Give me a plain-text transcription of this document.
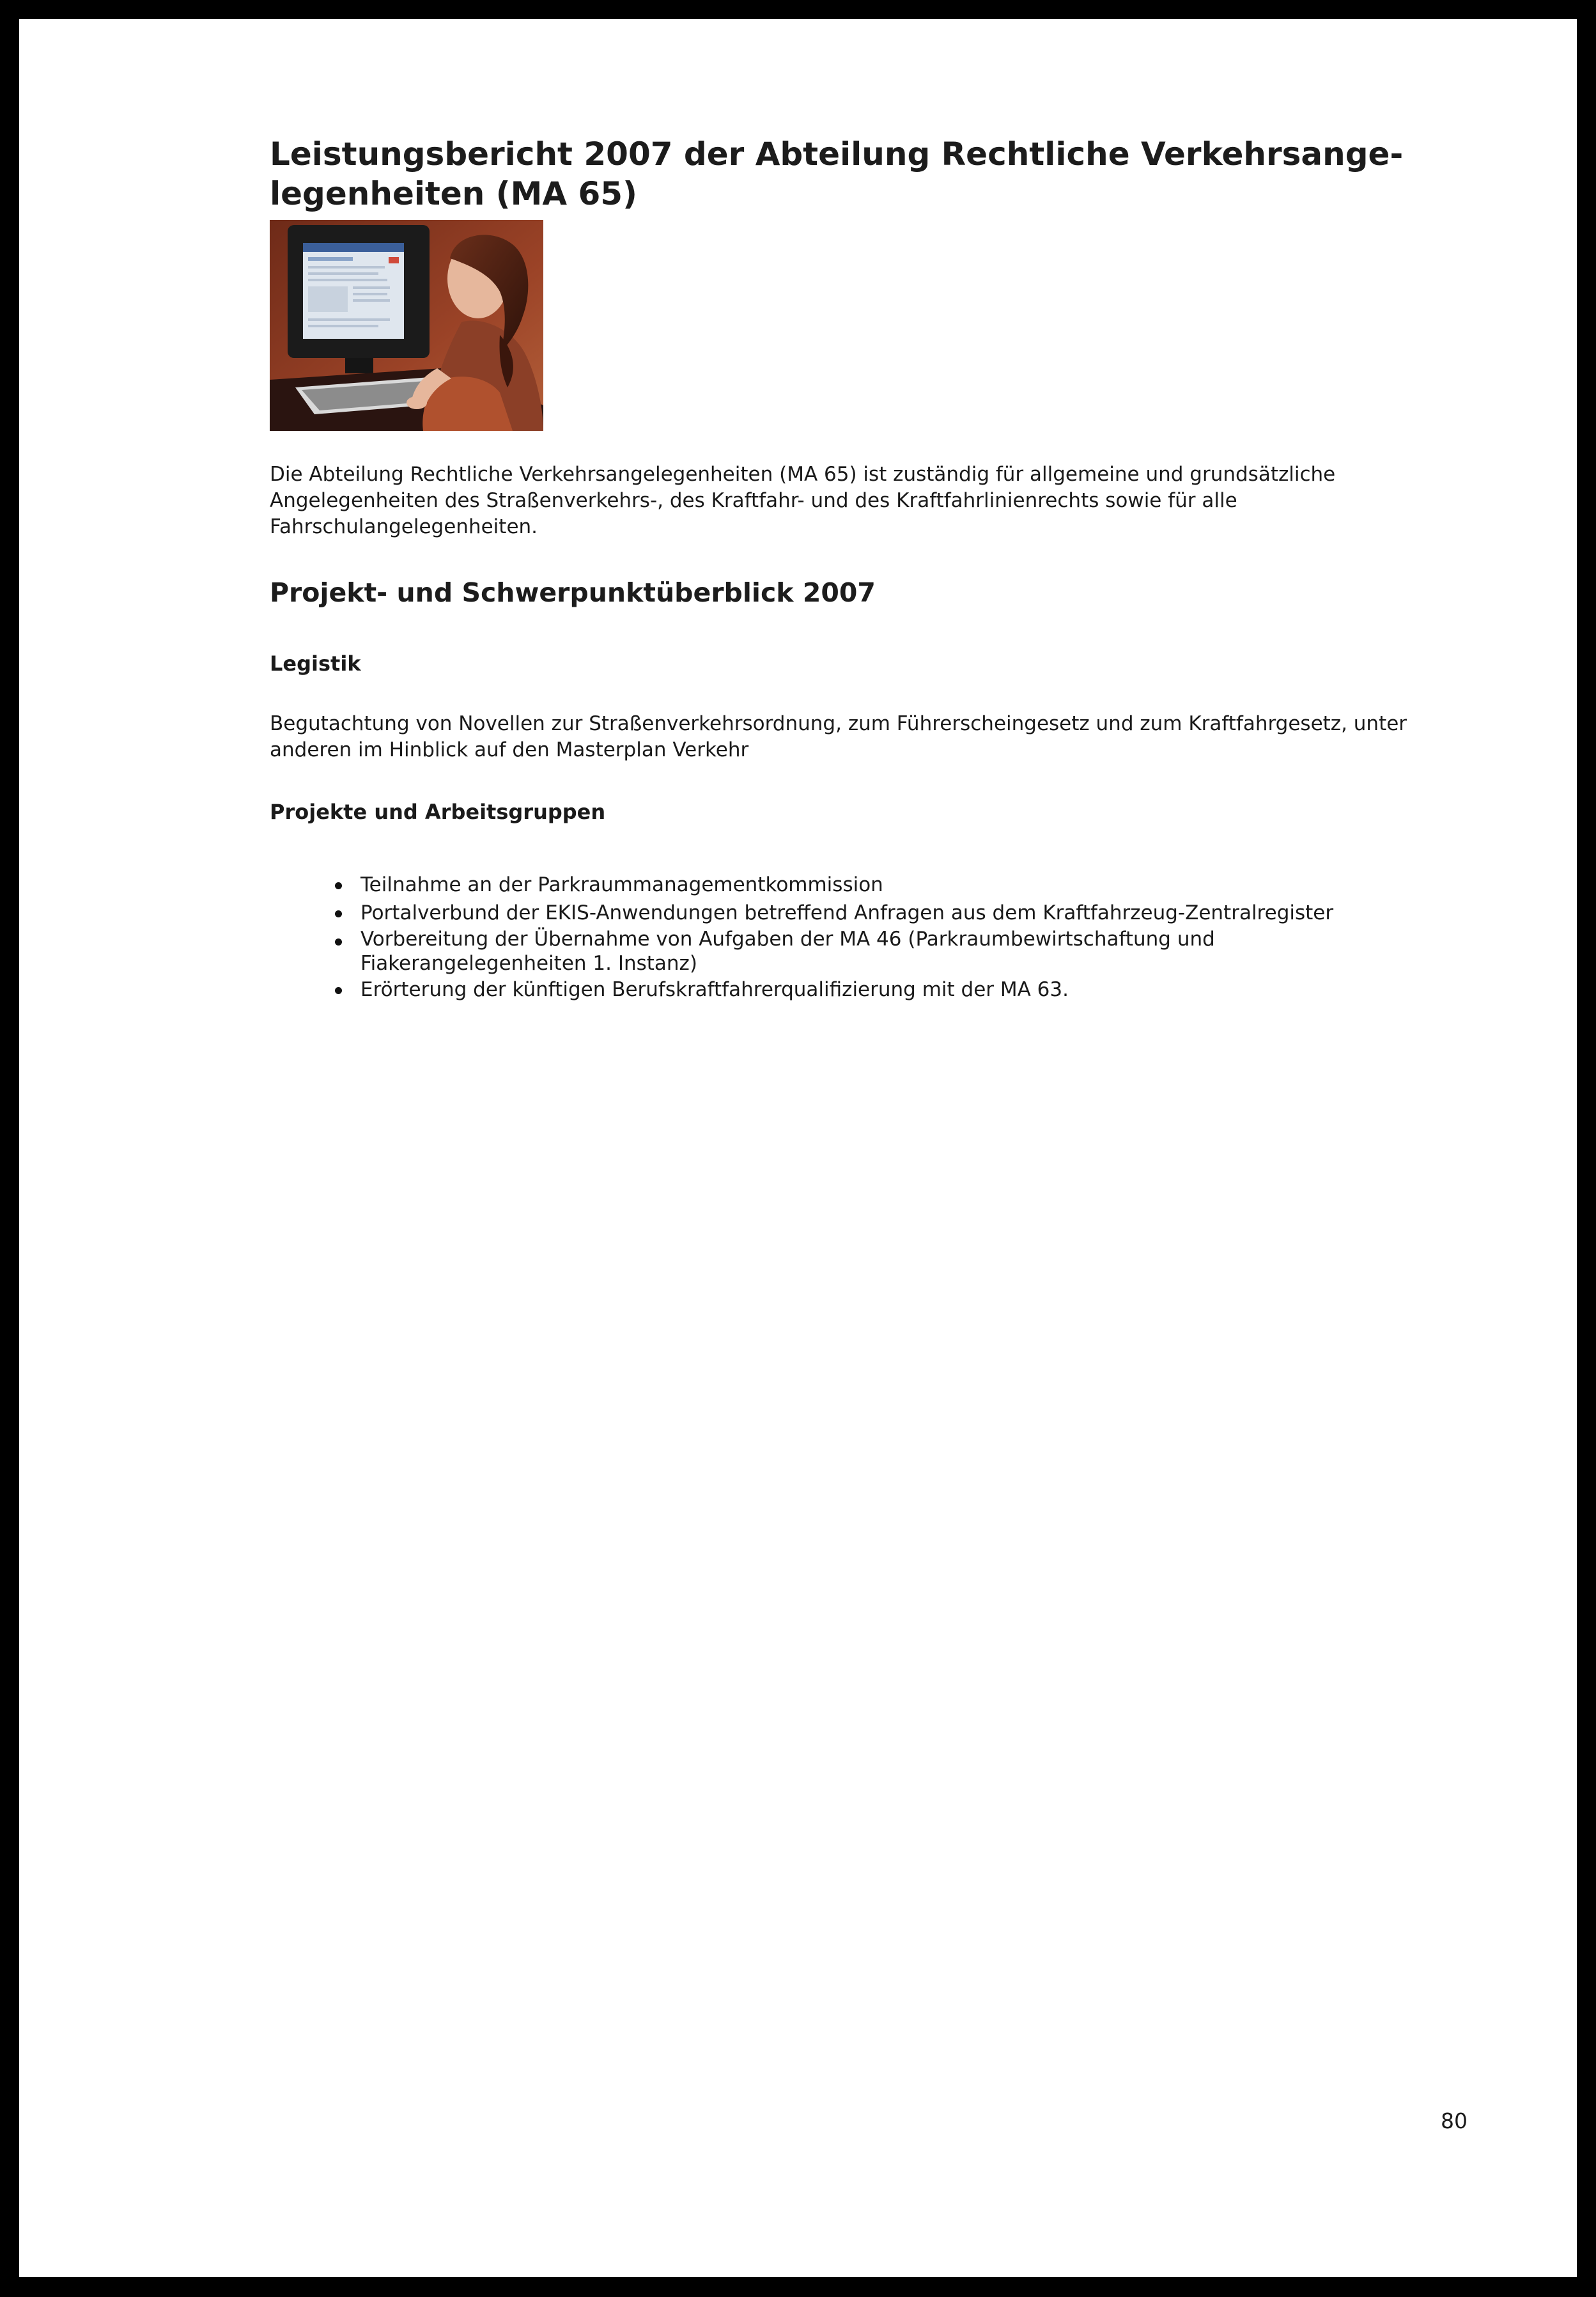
Leistungsbericht 2007 der Abteilung Rechtliche Verkehrsange-
legenheiten (MA 65)

Die Abteilung Rechtliche Verkehrsangelegenheiten (MA 65) ist zuständig für allgemeine und grundsätzliche
Angelegenheiten des Straßenverkehrs-, des Kraftfahr- und des Kraftfahrlinienrechts sowie für alle
Fahrschulangelegenheiten.

Projekt- und Schwerpunktüberblick 2007
Legistik

Begutachtung von Novellen zur Straßenverkehrsordnung, zum Führerscheingesetz und zum Kraftfahrgesetz, unter
anderen im Hinblick auf den Masterplan Verkehr

Projekte und Arbeitsgruppen
Teilnahme an der Parkraummanagementkommission
Portalverbund der EKIS-Anwendungen betreffend Anfragen aus dem Kraftfahrzeug-Zentralregister
Vorbereitung der Übernahme von Aufgaben der MA 46 (Parkraumbewirtschaftung und
Fiakerangelegenheiten 1. Instanz)
Erörterung der künftigen Berufskraftfahrerqualifizierung mit der MA 63.

80
